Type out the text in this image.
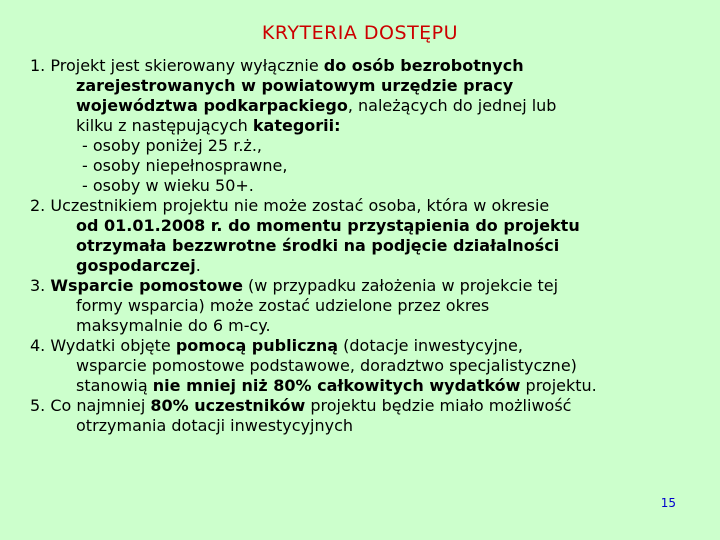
KRYTERIA DOSTĘPU
1. Projekt jest skierowany wyłącznie do osób bezrobotnych
zarejestrowanych w powiatowym urzędzie pracy
województwa podkarpackiego, należących do jednej lub
kilku z następujących kategorii:
- osoby poniżej 25 r.ż.,
- osoby niepełnosprawne,
- osoby w wieku 50+.
2. Uczestnikiem projektu nie może zostać osoba, która w okresie
od 01.01.2008 r. do momentu przystąpienia do projektu
otrzymała bezzwrotne środki na podjęcie działalności
gospodarczej.
3. Wsparcie pomostowe (w przypadku założenia w projekcie tej
formy wsparcia) może zostać udzielone przez okres
maksymalnie do 6 m-cy.
4. Wydatki objęte pomocą publiczną (dotacje inwestycyjne,
wsparcie pomostowe podstawowe, doradztwo specjalistyczne)
stanowią nie mniej niż 80% całkowitych wydatków projektu.
5. Co najmniej 80% uczestników projektu będzie miało możliwość
otrzymania dotacji inwestycyjnych
15
